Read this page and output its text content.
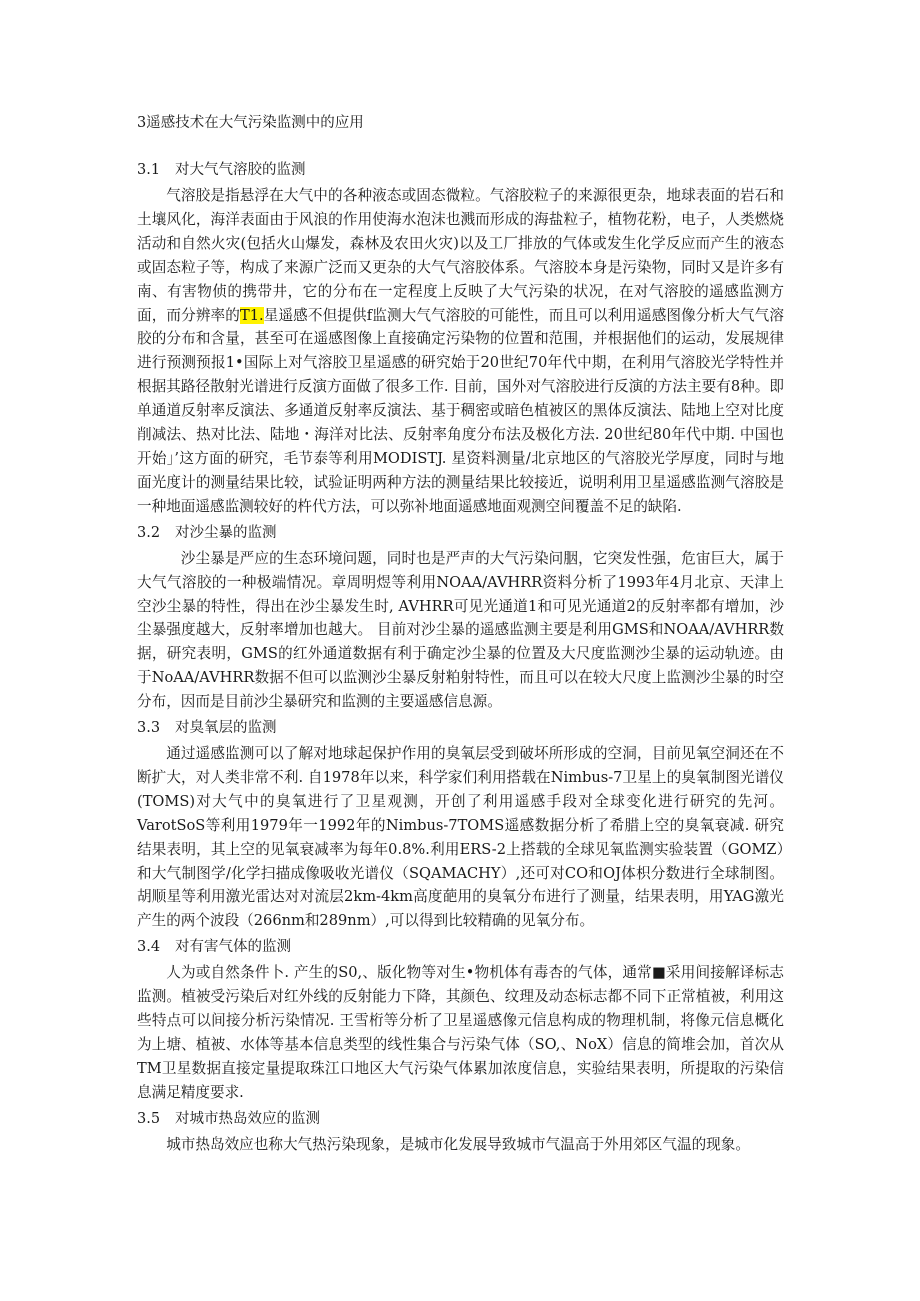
3遥感技术在大气污染监测中的应用
3.1 对大气气溶胶的监测

气溶胶是指悬浮在大气中的各种液态或固态微粒。气溶胶粒子的来源很更杂，地球表面的岩石和土壤风化，海洋表面由于风浪的作用使海水泡沫也溅而形成的海盐粒子，植物花粉，电子，人类燃烧活动和自然火灾(包括火山爆发，森林及农田火灾)以及工厂排放的气体或发生化学反应而产生的液态或固态粒子等，构成了来源广泛而又更杂的大气气溶胶体系。气溶胶本身是污染物，同时又是许多有南、有害物侦的携带井，它的分布在一定程度上反映了大气污染的状况，在对气溶胶的遥感监测方面，而分辨率的T1.星遥感不但提供f监测大气气溶胶的可能性，而且可以利用遥感图像分析大气气溶胶的分布和含量，甚至可在遥感图像上直接确定污染物的位置和范围，并根据他们的运动，发展规律进行预测预报1•国际上对气溶胶卫星遥感的研究始于20世纪70年代中期，在利用气溶胶光学特性并根据其路径散射光谱进行反演方面做了很多工作. 目前，国外对气溶胶进行反演的方法主要有8种。即单通道反射率反演法、多通道反射率反演法、基于稠密或暗色植被区的黑体反演法、陆地上空对比度削减法、热对比法、陆地・海洋对比法、反射率角度分布法及极化方法. 20世纪80年代中期. 中国也开始」’这方面的研究，毛节泰等利用MODISTJ. 星资料测量/北京地区的气溶胶光学厚度，同时与地面光度计的测量结果比较，试验证明两种方法的测量结果比较接近，说明利用卫星遥感监测气溶胶是一种地面遥感监测较好的杵代方法，可以弥补地面遥感地面观测空间覆盖不足的缺陷.

3.2 对沙尘暴的监测

沙尘暴是严应的生态环境问题，同时也是严声的大气污染问胭，它突发性强，危宙巨大，属于大气气溶胶的一种极端情况。章周明煜等利用NOAA/AVHRR资料分析了1993年4月北京、天津上空沙尘暴的特性，得出在沙尘暴发生时, AVHRR可见光通道1和可见光通道2的反射率都有增加，沙尘暴强度越大，反射率增加也越大。 目前对沙尘暴的遥感监测主要是利用GMS和NOAA/AVHRR数据，研究表明，GMS的红外通道数据有利于确定沙尘暴的位置及大尺度监测沙尘暴的运动轨迹。由于NoAA/AVHRR数据不但可以监测沙尘暴反射粕射特性，而且可以在较大尺度上监测沙尘暴的时空分布，因而是目前沙尘暴研究和监测的主要遥感信息源。

3.3 对臭氧层的监测

通过遥感监测可以了解对地球起保护作用的臭氧层受到破坏所形成的空洞，目前见氧空洞还在不断扩大，对人类非常不利. 自1978年以来，科学家们利用搭载在Nimbus-7卫星上的臭氧制图光谱仪(TOMS)对大气中的臭氧进行了卫星观测，开创了利用遥感手段对全球变化进行研究的先河。VarotSoS等利用1979年一1992年的Nimbus-7TOMS遥感数据分析了希腊上空的臭氧衰减. 研究结果表明，其上空的见氧衰减率为每年0.8%.利用ERS-2上搭载的全球见氧监测实验装置（GOMZ）和大气制图学/化学扫描成像吸收光谱仪（SQAMACHY）,还可对CO和OJ体枳分数进行全球制图。胡顺星等利用激光雷达对对流层2km-4km高度葩用的臭氧分布进行了测量，结果表明，用YAG激光产生的两个波段（266nm和289nm）,可以得到比较精确的见氧分布。

3.4 对有害气体的监测

人为或自然条件卜. 产生的S0,、版化物等对生•物机体有毒杏的气体，通常■采用间接解译标志监测。植被受污染后对红外线的反射能力下降，其颜色、纹理及动态标志都不同下正常植被，利用这些特点可以间接分析污染情况. 王雪桁等分析了卫星遥感像元信息构成的物理机制，将像元信息概化为上塘、植被、水体等基本信息类型的线性集合与污染气体（SO,、NoX）信息的简堆会加，首次从TM卫星数据直接定量提取珠江口地区大气污染气体累加浓度信息，实验结果表明，所提取的污染信息满足精度要求.

3.5 对城市热岛效应的监测

城市热岛效应也称大气热污染现象，是城市化发展导致城市气温高于外用郊区气温的现象。
